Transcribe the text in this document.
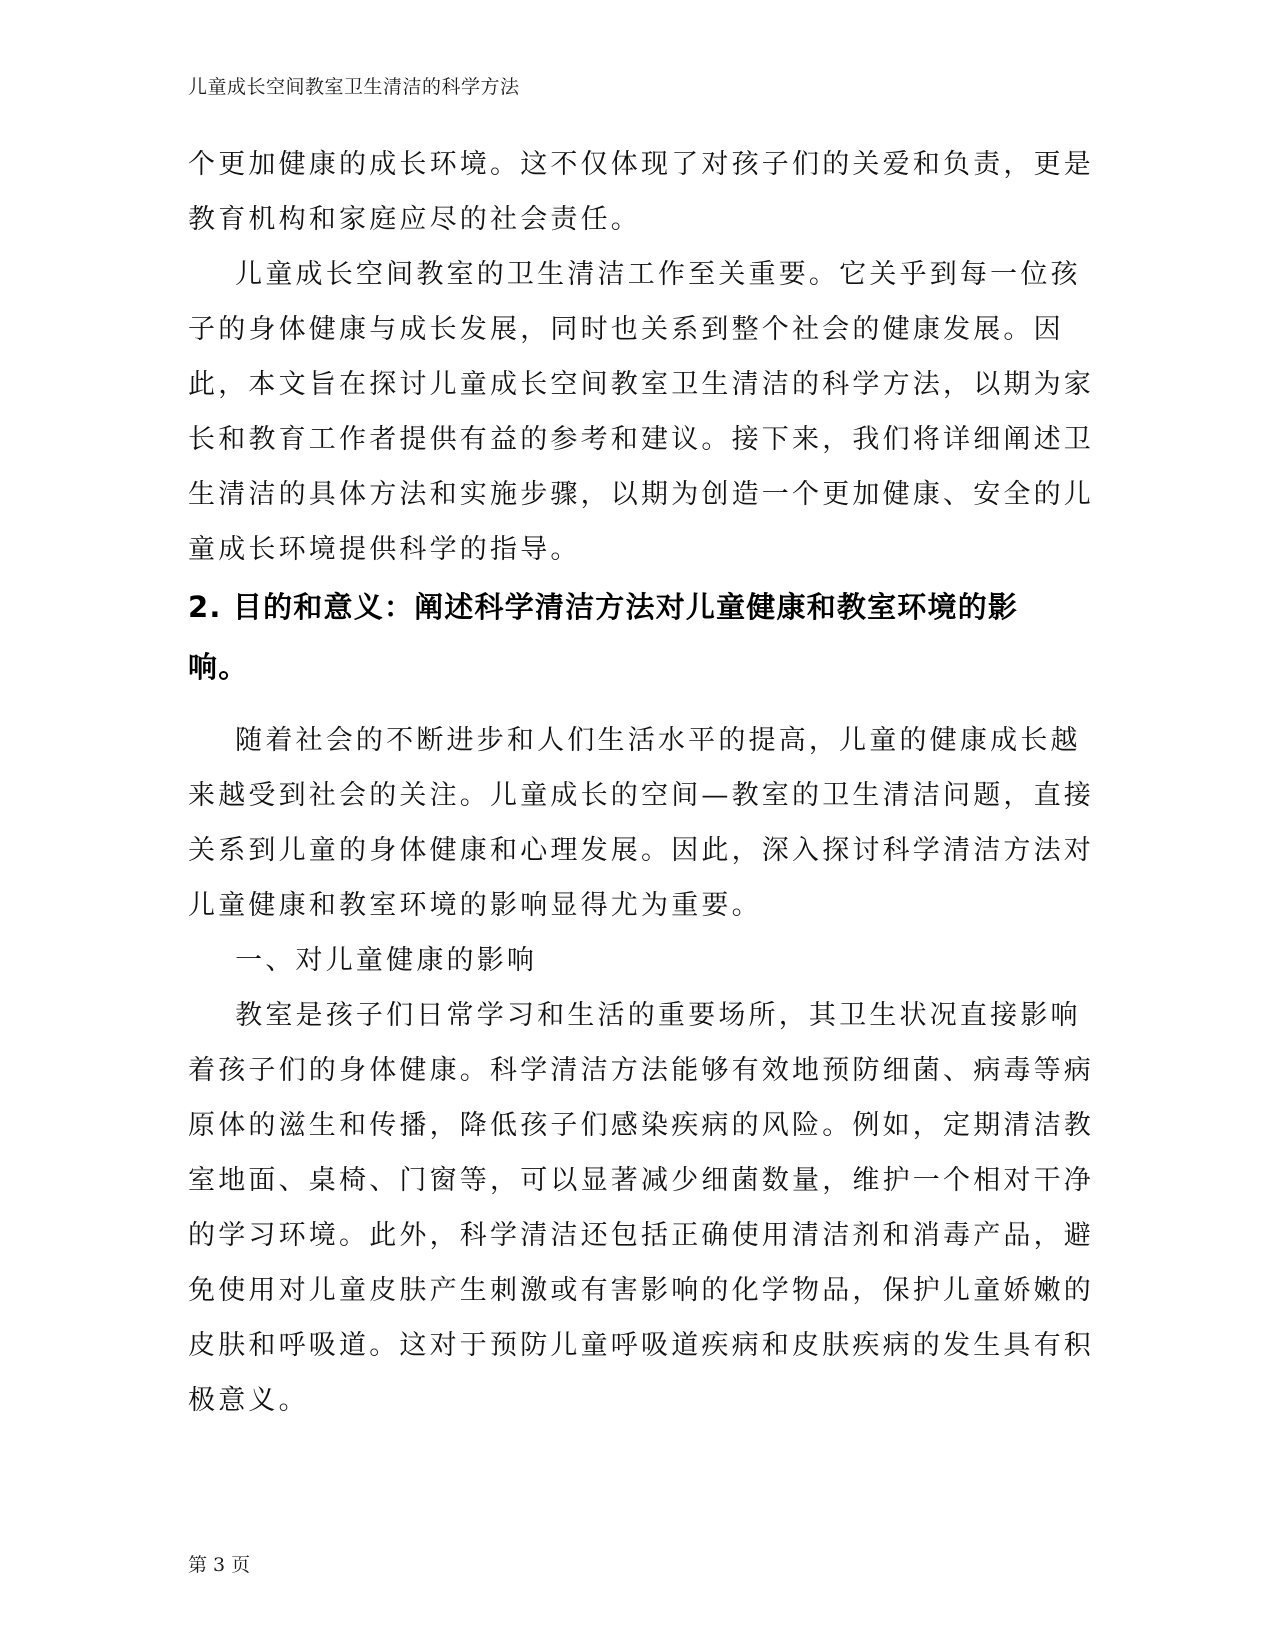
儿童成长空间教室卫生清洁的科学方法
个更加健康的成长环境。这不仅体现了对孩子们的关爱和负责，更是
教育机构和家庭应尽的社会责任。
儿童成长空间教室的卫生清洁工作至关重要。它关乎到每一位孩
子的身体健康与成长发展，同时也关系到整个社会的健康发展。因
此，本文旨在探讨儿童成长空间教室卫生清洁的科学方法，以期为家
长和教育工作者提供有益的参考和建议。接下来，我们将详细阐述卫
生清洁的具体方法和实施步骤，以期为创造一个更加健康、安全的儿
童成长环境提供科学的指导。
2. 目的和意义：阐述科学清洁方法对儿童健康和教室环境的影
响。
随着社会的不断进步和人们生活水平的提高，儿童的健康成长越
来越受到社会的关注。儿童成长的空间—教室的卫生清洁问题，直接
关系到儿童的身体健康和心理发展。因此，深入探讨科学清洁方法对
儿童健康和教室环境的影响显得尤为重要。
一、对儿童健康的影响
教室是孩子们日常学习和生活的重要场所，其卫生状况直接影响
着孩子们的身体健康。科学清洁方法能够有效地预防细菌、病毒等病
原体的滋生和传播，降低孩子们感染疾病的风险。例如，定期清洁教
室地面、桌椅、门窗等，可以显著减少细菌数量，维护一个相对干净
的学习环境。此外，科学清洁还包括正确使用清洁剂和消毒产品，避
免使用对儿童皮肤产生刺激或有害影响的化学物品，保护儿童娇嫩的
皮肤和呼吸道。这对于预防儿童呼吸道疾病和皮肤疾病的发生具有积
极意义。
第 3 页
